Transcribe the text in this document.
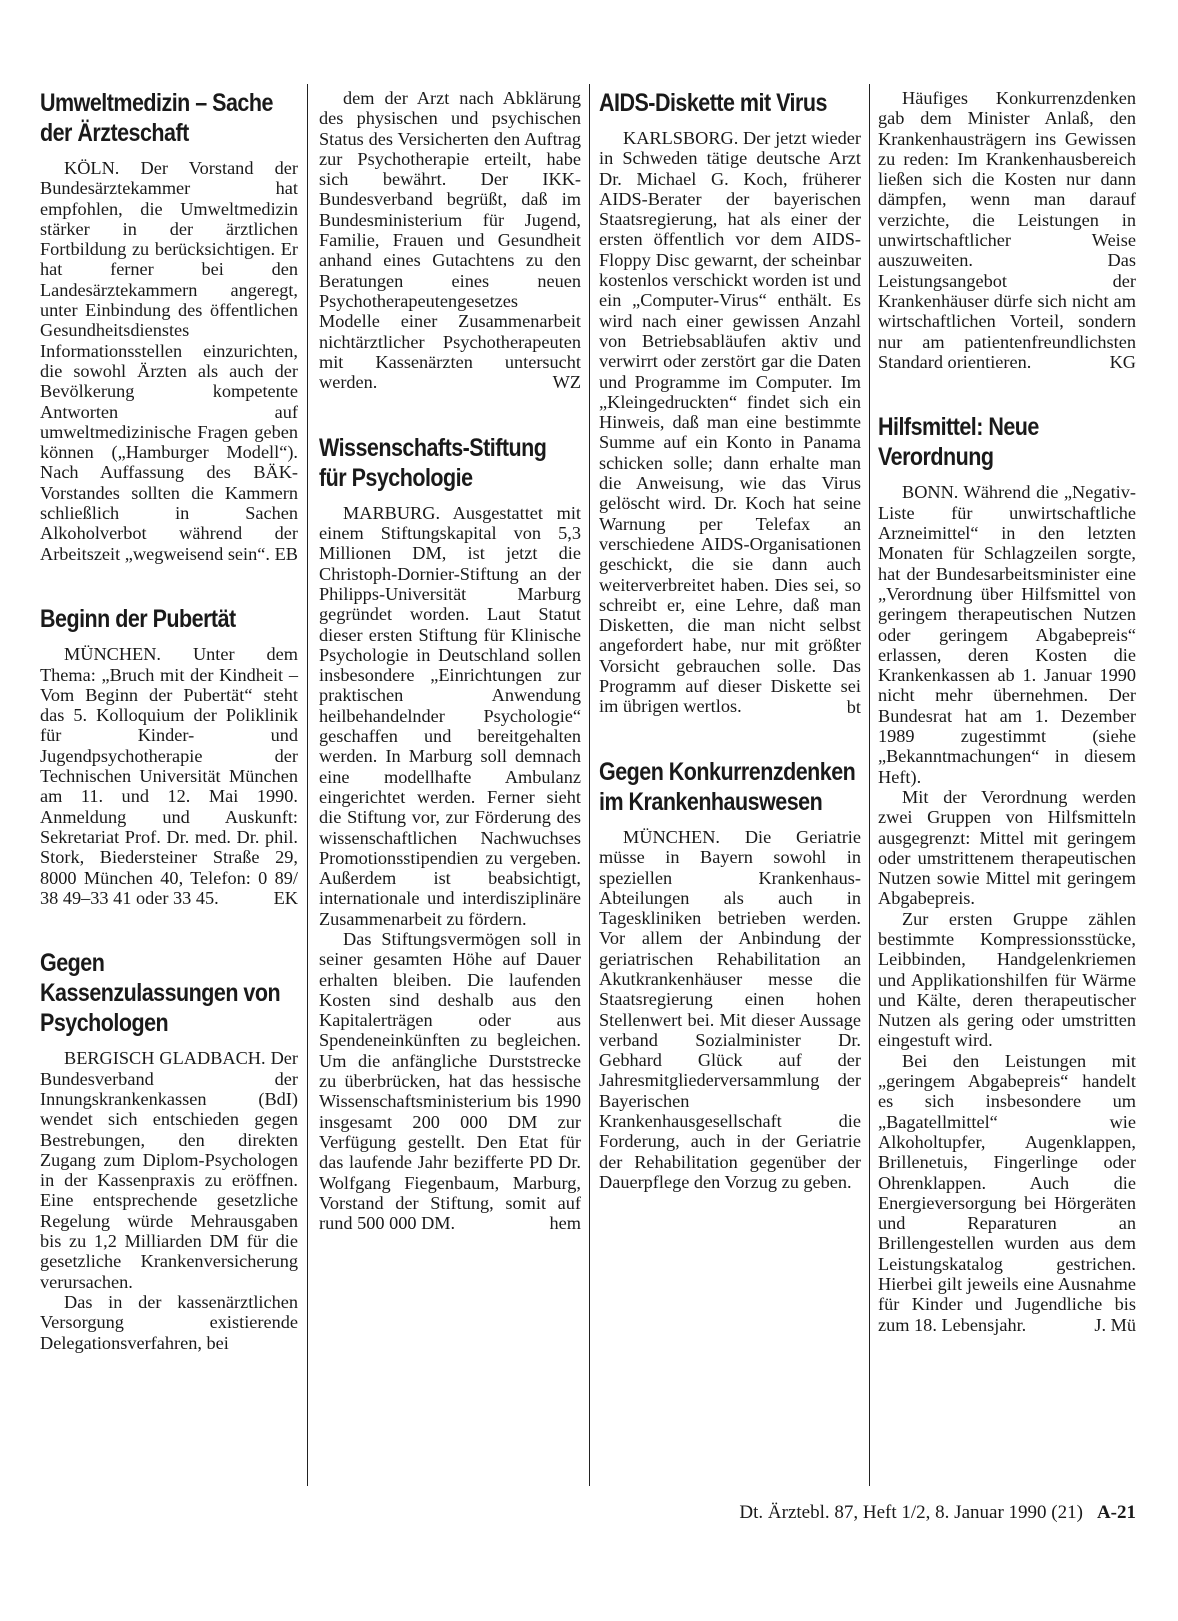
Umweltmedizin – Sache der Ärzteschaft

KÖLN. Der Vorstand der Bundesärztekammer hat empfohlen, die Umweltmedizin stärker in der ärztlichen Fortbildung zu berücksichtigen. Er hat ferner bei den Landesärztekammern angeregt, unter Einbindung des öffentlichen Gesundheitsdienstes Informationsstellen einzurichten, die sowohl Ärzten als auch der Bevölkerung kompetente Antworten auf umweltmedizinische Fragen geben können („Hamburger Modell“). Nach Auffassung des BÄK-Vorstandes sollten die Kammern schließlich in Sachen Alkoholverbot während der Arbeitszeit „wegweisend sein“. EB
Beginn der Pubertät

MÜNCHEN. Unter dem Thema: „Bruch mit der Kindheit – Vom Beginn der Pubertät“ steht das 5. Kolloquium der Poliklinik für Kinder- und Jugendpsychotherapie der Technischen Universität München am 11. und 12. Mai 1990. Anmeldung und Auskunft: Sekretariat Prof. Dr. med. Dr. phil. Stork, Biedersteiner Straße 29, 8000 München 40, Telefon: 0 89/ 38 49–33 41 oder 33 45.	EK
Gegen Kassenzulassungen von Psychologen

BERGISCH GLADBACH. Der Bundesverband der Innungskrankenkassen (BdI) wendet sich entschieden gegen Bestrebungen, den direkten Zugang zum Diplom-Psychologen in der Kassenpraxis zu eröffnen. Eine entsprechende gesetzliche Regelung würde Mehrausgaben bis zu 1,2 Milliarden DM für die gesetzliche Krankenversicherung verursachen.

Das in der kassenärztlichen Versorgung existierende Delegationsverfahren, bei

dem der Arzt nach Abklärung des physischen und psychischen Status des Versicherten den Auftrag zur Psychotherapie erteilt, habe sich bewährt. Der IKK-Bundesverband begrüßt, daß im Bundesministerium für Jugend, Familie, Frauen und Gesundheit anhand eines Gutachtens zu den Beratungen eines neuen Psychotherapeutengesetzes Modelle einer Zusammenarbeit nichtärztlicher Psychotherapeuten mit Kassenärzten untersucht werden.	WZ
Wissenschafts-Stiftung für Psychologie

MARBURG. Ausgestattet mit einem Stiftungskapital von 5,3 Millionen DM, ist jetzt die Christoph-Dornier-Stiftung an der Philipps-Universität Marburg gegründet worden. Laut Statut dieser ersten Stiftung für Klinische Psychologie in Deutschland sollen insbesondere „Einrichtungen zur praktischen Anwendung heilbehandelnder Psychologie“ geschaffen und bereitgehalten werden. In Marburg soll demnach eine modellhafte Ambulanz eingerichtet werden. Ferner sieht die Stiftung vor, zur Förderung des wissenschaftlichen Nachwuchses Promotionsstipendien zu vergeben. Außerdem ist beabsichtigt, internationale und interdisziplinäre Zusammenarbeit zu fördern.

Das Stiftungsvermögen soll in seiner gesamten Höhe auf Dauer erhalten bleiben. Die laufenden Kosten sind deshalb aus den Kapitalerträgen oder aus Spendeneinkünften zu begleichen. Um die anfängliche Durststrecke zu überbrücken, hat das hessische Wissenschaftsministerium bis 1990 insgesamt 200 000 DM zur Verfügung gestellt. Den Etat für das laufende Jahr bezifferte PD Dr. Wolfgang Fiegenbaum, Marburg, Vorstand der Stiftung, somit auf rund 500 000 DM.	hem
AIDS-Diskette mit Virus

KARLSBORG. Der jetzt wieder in Schweden tätige deutsche Arzt Dr. Michael G. Koch, früherer AIDS-Berater der bayerischen Staatsregierung, hat als einer der ersten öffentlich vor dem AIDS-Floppy Disc gewarnt, der scheinbar kostenlos verschickt worden ist und ein „Computer-Virus“ enthält. Es wird nach einer gewissen Anzahl von Betriebsabläufen aktiv und verwirrt oder zerstört gar die Daten und Programme im Computer. Im „Kleingedruckten“ findet sich ein Hinweis, daß man eine bestimmte Summe auf ein Konto in Panama schicken solle; dann erhalte man die Anweisung, wie das Virus gelöscht wird. Dr. Koch hat seine Warnung per Telefax an verschiedene AIDS-Organisationen geschickt, die sie dann auch weiterverbreitet haben. Dies sei, so schreibt er, eine Lehre, daß man Disketten, die man nicht selbst angefordert habe, nur mit größter Vorsicht gebrauchen solle. Das Programm auf dieser Diskette sei im übrigen wertlos.	bt
Gegen Konkurrenzdenken im Krankenhauswesen

MÜNCHEN. Die Geriatrie müsse in Bayern sowohl in speziellen Krankenhaus-Abteilungen als auch in Tageskliniken betrieben werden. Vor allem der Anbindung der geriatrischen Rehabilitation an Akutkrankenhäuser messe die Staatsregierung einen hohen Stellenwert bei. Mit dieser Aussage verband Sozialminister Dr. Gebhard Glück auf der Jahresmitgliederversammlung der Bayerischen Krankenhausgesellschaft die Forderung, auch in der Geriatrie der Rehabilitation gegenüber der Dauerpflege den Vorzug zu geben.

Häufiges Konkurrenzdenken gab dem Minister Anlaß, den Krankenhausträgern ins Gewissen zu reden: Im Krankenhausbereich ließen sich die Kosten nur dann dämpfen, wenn man darauf verzichte, die Leistungen in unwirtschaftlicher Weise auszuweiten. Das Leistungsangebot der Krankenhäuser dürfe sich nicht am wirtschaftlichen Vorteil, sondern nur am patientenfreundlichsten Standard orientieren.	KG
Hilfsmittel: Neue Verordnung

BONN. Während die „Negativ-Liste für unwirtschaftliche Arzneimittel“ in den letzten Monaten für Schlagzeilen sorgte, hat der Bundesarbeitsminister eine „Verordnung über Hilfsmittel von geringem therapeutischen Nutzen oder geringem Abgabepreis“ erlassen, deren Kosten die Krankenkassen ab 1. Januar 1990 nicht mehr übernehmen. Der Bundesrat hat am 1. Dezember 1989 zugestimmt (siehe „Bekanntmachungen“ in diesem Heft).

Mit der Verordnung werden zwei Gruppen von Hilfsmitteln ausgegrenzt: Mittel mit geringem oder umstrittenem therapeutischen Nutzen sowie Mittel mit geringem Abgabepreis.

Zur ersten Gruppe zählen bestimmte Kompressionsstücke, Leibbinden, Handgelenkriemen und Applikationshilfen für Wärme und Kälte, deren therapeutischer Nutzen als gering oder umstritten eingestuft wird.

Bei den Leistungen mit „geringem Abgabepreis“ handelt es sich insbesondere um „Bagatellmittel“ wie Alkoholtupfer, Augenklappen, Brillenetuis, Fingerlinge oder Ohrenklappen. Auch die Energieversorgung bei Hörgeräten und Reparaturen an Brillengestellen wurden aus dem Leistungskatalog gestrichen. Hierbei gilt jeweils eine Ausnahme für Kinder und Jugendliche bis zum 18. Lebensjahr.	J. Mü
Dt. Ärztebl. 87, Heft 1/2, 8. Januar 1990 (21) A-21
